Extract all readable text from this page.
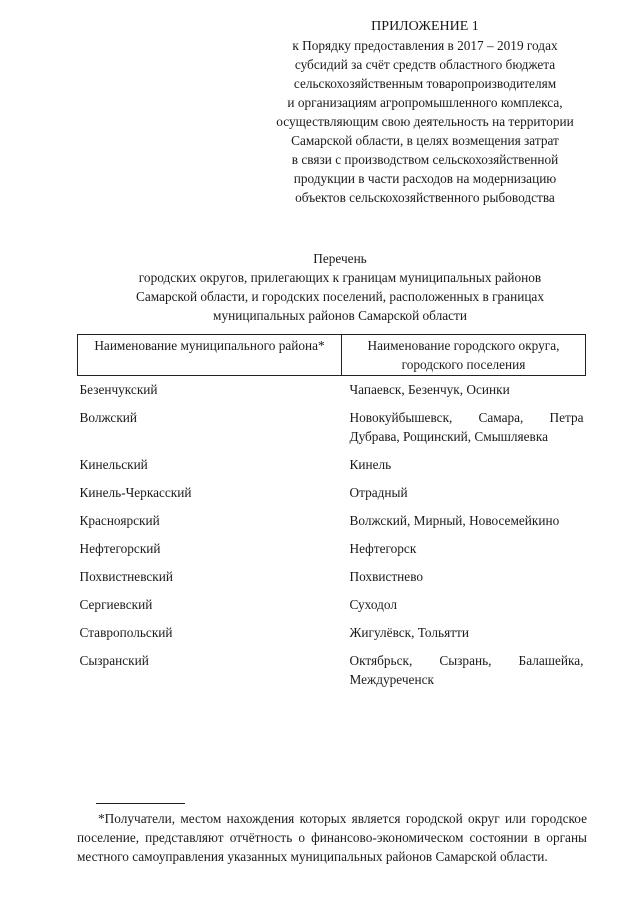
ПРИЛОЖЕНИЕ 1
к Порядку предоставления в 2017 – 2019 годах
субсидий за счёт средств областного бюджета
сельскохозяйственным товаропроизводителям
и организациям агропромышленного комплекса,
осуществляющим свою деятельность на территории
Самарской области, в целях возмещения затрат
в связи с производством сельскохозяйственной
продукции в части расходов на модернизацию
объектов сельскохозяйственного рыбоводства
Перечень
городских округов, прилегающих к границам муниципальных районов
Самарской области, и городских поселений, расположенных в границах
муниципальных районов Самарской области
Наименование муниципального района*	Наименование городского округа, городского поселения
Безенчукский	Чапаевск, Безенчук, Осинки
Волжский	Новокуйбышевск, Самара, Петра Дубрава, Рощинский, Смышляевка
Кинельский	Кинель
Кинель-Черкасский	Отрадный
Красноярский	Волжский, Мирный, Новосемейкино
Нефтегорский	Нефтегорск
Похвистневский	Похвистнево
Сергиевский	Суходол
Ставропольский	Жигулёвск, Тольятти
Сызранский	Октябрьск, Сызрань, Балашейка, Междуреченск
*Получатели, местом нахождения которых является городской округ или городское поселение, представляют отчётность о финансово-экономическом состоянии в органы местного самоуправления указанных муниципальных районов Самарской области.
